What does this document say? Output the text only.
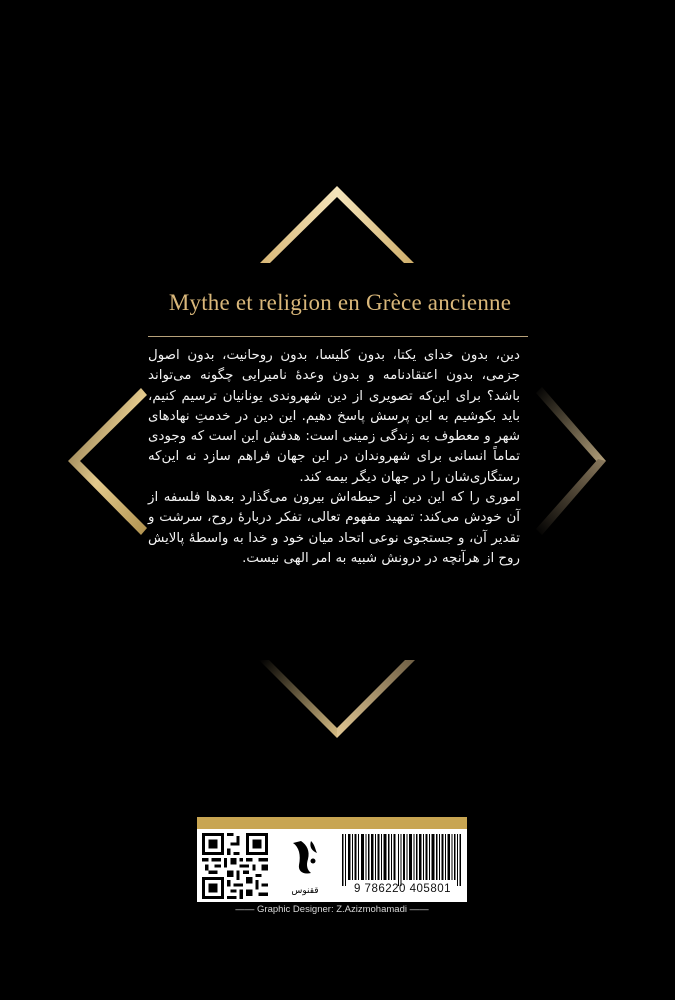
Mythe et religion en Grèce ancienne

دین، بدون خدای یکتا، بدون کلیسا، بدون روحانیت، بدون اصول جزمی، بدون اعتقادنامه و بدون وعدهٔ نامیرایی چگونه می‌تواند باشد؟ برای این‌که تصویری از دین شهروندی یونانیان ترسیم کنیم، باید بکوشیم به این پرسش پاسخ دهیم. این دین در خدمتِ نهادهای شهر و معطوف به زندگی زمینی است: هدفش این است که وجودی تماماً انسانی برای شهروندان در این جهان فراهم سازد نه این‌که رستگاری‌شان را در جهان دیگر بیمه کند.

اموری را که این دین از حیطه‌اش بیرون می‌گذارد بعدها فلسفه از آن خودش می‌کند: تمهید مفهوم تعالی، تفکر دربارهٔ روح، سرشت و تقدیر آن، و جستجوی نوعی اتحاد میان خود و خدا به واسطهٔ پالایش روح از هرآنچه در درونش شبیه به امر الهی نیست.

ققنوس	9 786220 405801
—— Graphic Designer: Z.Azizmohamadi ——
